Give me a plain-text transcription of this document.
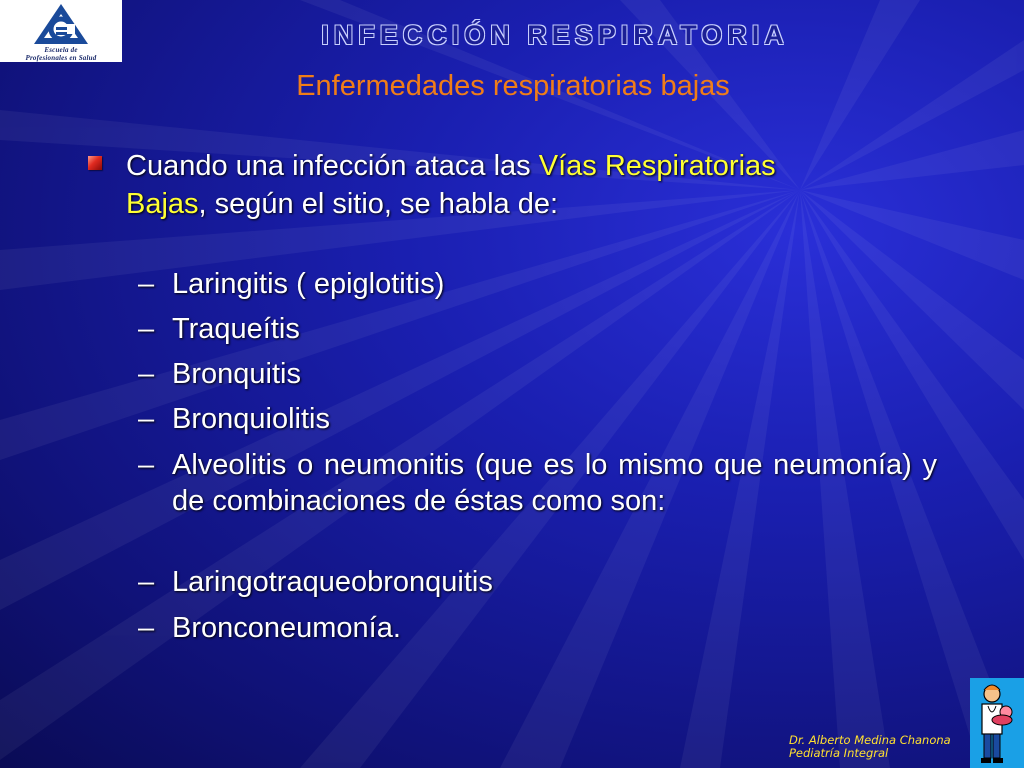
Escuela de
Profesionales en Salud
INFECCIÓN RESPIRATORIA
Enfermedades respiratorias bajas
Cuando una infección ataca las Vías Respiratorias
Bajas, según el sitio, se habla de:
– Laringitis ( epiglotitis)
– Traqueítis
– Bronquitis
– Bronquiolitis
– Alveolitis o neumonitis (que es lo mismo que neumonía) y de combinaciones de éstas como son:
– Laringotraqueobronquitis
– Bronconeumonía.
Dr. Alberto Medina Chanona
Pediatría Integral
